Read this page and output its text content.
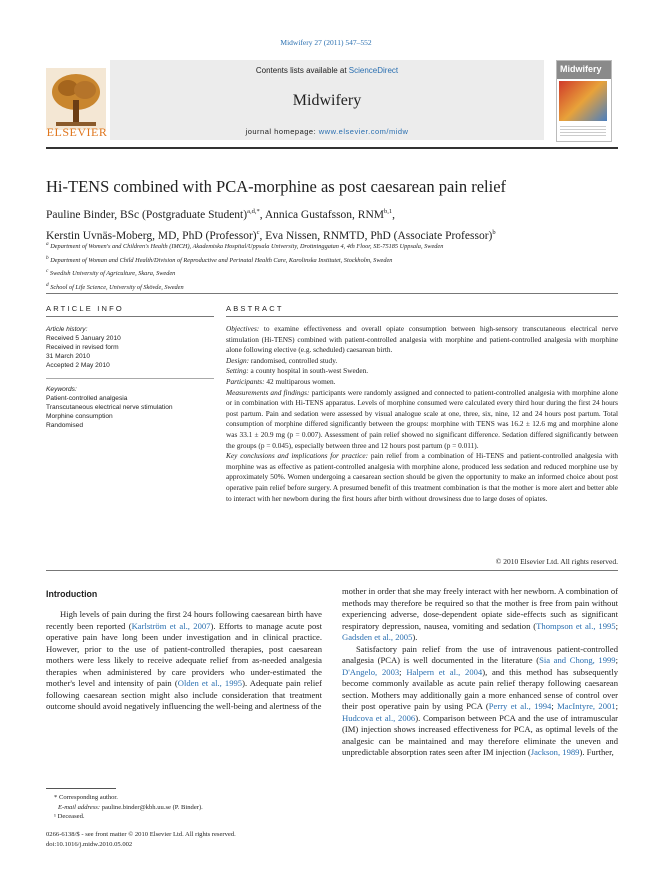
Midwifery 27 (2011) 547–552
Contents lists available at ScienceDirect
Midwifery
journal homepage: www.elsevier.com/midw
ELSEVIER
Midwifery
Hi-TENS combined with PCA-morphine as post caesarean pain relief
Pauline Binder, BSc (Postgraduate Student)$^{a,d,*}$, Annica Gustafsson, RNM$^{b,1}$,
Kerstin Uvnäs-Moberg, MD, PhD (Professor)$^c$, Eva Nissen, RNMTD, PhD (Associate Professor)$^b$
$^a$ Department of Women's and Children's Health (IMCH), Akademiska Hospital/Uppsala University, Drottninggatan 4, 4th Floor, SE-75185 Uppsala, Sweden
$^b$ Department of Woman and Child Health/Division of Reproductive and Perinatal Health Care, Karolinska Institutet, Stockholm, Sweden
$^c$ Swedish University of Agriculture, Skara, Sweden
$^d$ School of Life Science, University of Skövde, Sweden
ARTICLE INFO	ABSTRACT
Article history:
Received 5 January 2010
Received in revised form
31 March 2010
Accepted 2 May 2010
Keywords:
Patient-controlled analgesia
Transcutaneous electrical nerve stimulation
Morphine consumption
Randomised

Objectives: to examine effectiveness and overall opiate consumption between high-sensory transcutaneous electrical nerve stimulation (Hi-TENS) combined with patient-controlled analgesia with morphine and patient-controlled analgesia with morphine alone following elective (e.g. scheduled) caesarean birth.

Design: randomised, controlled study.

Setting: a county hospital in south-west Sweden.

Participants: 42 multiparous women.

Measurements and findings: participants were randomly assigned and connected to patient-controlled analgesia with morphine alone or in combination with Hi-TENS apparatus. Levels of morphine consumed were calculated every third hour during the first 24 hours post partum. Pain and sedation were assessed by visual analogue scale at one, three, six, nine, 12 and 24 hours post partum. Total consumption of morphine differed significantly between the groups: morphine with TENS was 16.2 ± 12.6 mg and morphine alone was 33.1 ± 20.9 mg (p = 0.007). Assessment of pain relief showed no significant difference. Sedation differed significantly between the groups (p = 0.045), especially between three and 12 hours post partum (p = 0.011).

Key conclusions and implications for practice: pain relief from a combination of Hi-TENS and patient-controlled analgesia with morphine was as effective as patient-controlled analgesia with morphine alone, produced less sedation and reduced morphine use by approximately 50%. Women undergoing a caesarean section should be given the opportunity to make an informed choice about post operative pain relief before surgery. A presumed benefit of this treatment combination is that the mother is more alert and better able to interact with her newborn during the first hours after birth without drowsiness due to large doses of opiates.

© 2010 Elsevier Ltd. All rights reserved.
Introduction

High levels of pain during the first 24 hours following caesarean birth have recently been reported (Karlström et al., 2007). Efforts to manage acute post operative pain have long been under investigation and in clinical practice. However, prior to the use of patient-controlled therapies, post caesarean mothers were less likely to receive adequate relief from as-needed analgesia therapies when administered by care providers who under-estimated the mother's level and intensity of pain (Olden et al., 1995). Adequate pain relief following caesarean section might also include consideration that treatment outcome should avoid negatively influencing the well-being and alertness of the

mother in order that she may freely interact with her newborn. A combination of methods may therefore be required so that the mother is free from pain without experiencing adverse, dose-dependent opiate side-effects such as significant respiratory depression, nausea, vomiting and sedation (Thompson et al., 1995; Gadsden et al., 2005).

Satisfactory pain relief from the use of intravenous patient-controlled analgesia (PCA) is well documented in the literature (Sia and Chong, 1999; D'Angelo, 2003; Halpern et al., 2004), and this method has subsequently become commonly available as acute pain relief therapy following caesarean section. Mothers may additionally gain a more enhanced sense of control over their post operative pain by using PCA (Perry et al., 1994; MacIntyre, 2001; Hudcova et al., 2006). Comparison between PCA and the use of intramuscular (IM) injection shows increased effectiveness for PCA, as optimal levels of the analgesic can be maintained and may therefore eliminate the uneven and unpredictable absorption rates seen after IM injection (Jackson, 1989). Further,

* Corresponding author.
E-mail address: pauline.binder@kbh.uu.se (P. Binder).
¹ Deceased.
0266-6138/$ - see front matter © 2010 Elsevier Ltd. All rights reserved.
doi:10.1016/j.midw.2010.05.002
